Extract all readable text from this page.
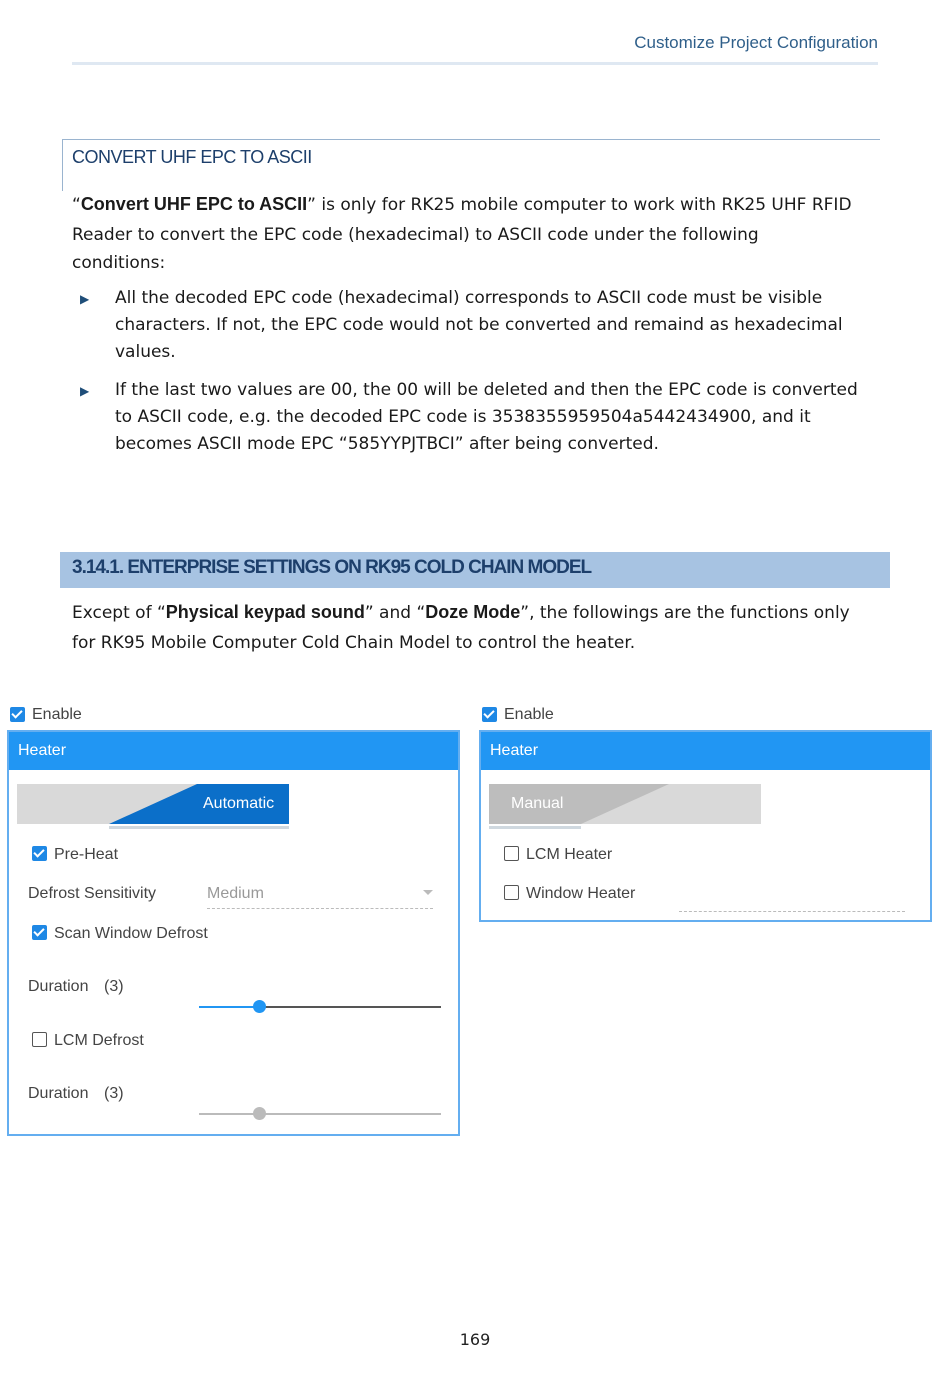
Customize Project Configuration
CONVERT UHF EPC TO ASCII
“Convert UHF EPC to ASCII” is only for RK25 mobile computer to work with RK25 UHF RFID
Reader to convert the EPC code (hexadecimal) to ASCII code under the following
conditions:
▶ All the decoded EPC code (hexadecimal) corresponds to ASCII code must be visible
characters. If not, the EPC code would not be converted and remaind as hexadecimal
values.
▶ If the last two values are 00, the 00 will be deleted and then the EPC code is converted
to ASCII code, e.g. the decoded EPC code is 3538355959504a5442434900, and it
becomes ASCII mode EPC “585YYPJTBCI” after being converted.
3.14.1. ENTERPRISE SETTINGS ON RK95 COLD CHAIN MODEL
Except of “Physical keypad sound” and “Doze Mode”, the followings are the functions only
for RK95 Mobile Computer Cold Chain Model to control the heater.
Enable
Heater
Automatic
Pre-Heat
Defrost Sensitivity	Medium
Scan Window Defrost
Duration (3)
LCM Defrost
Duration (3)
Enable
Heater
Manual
LCM Heater
Window Heater
169
